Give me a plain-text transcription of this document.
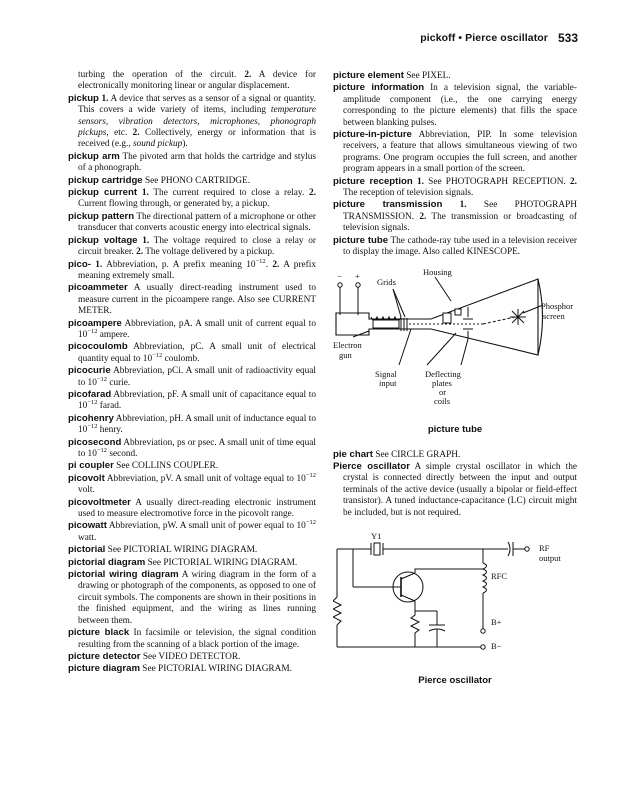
pickoff • Pierce oscillator 533
turbing the operation of the circuit. 2. A device for electronically monitoring linear or angular displacement.
pickup 1. A device that serves as a sensor of a signal or quantity. This covers a wide variety of items, including temperature sensors, vibration detectors, microphones, phonograph pickups, etc. 2. Collectively, energy or information that is received (e.g., sound pickup).
pickup arm The pivoted arm that holds the cartridge and stylus of a phonograph.
pickup cartridge See PHONO CARTRIDGE.
pickup current 1. The current required to close a relay. 2. Current flowing through, or generated by, a pickup.
pickup pattern The directional pattern of a microphone or other transducer that converts acoustic energy into electrical signals.
pickup voltage 1. The voltage required to close a relay or circuit breaker. 2. The voltage delivered by a pickup.
pico- 1. Abbreviation, p. A prefix meaning $10^{-12}$. 2. A prefix meaning extremely small.
picoammeter A usually direct-reading instrument used to measure current in the picoampere range. Also see CURRENT METER.
picoampere Abbreviation, pA. A small unit of current equal to $10^{-12}$ ampere.
picocoulomb Abbreviation, pC. A small unit of electrical quantity equal to $10^{-12}$ coulomb.
picocurie Abbreviation, pCi. A small unit of radioactivity equal to $10^{-12}$ curie.
picofarad Abbreviation, pF. A small unit of capacitance equal to $10^{-12}$ farad.
picohenry Abbreviation, pH. A small unit of inductance equal to $10^{-12}$ henry.
picosecond Abbreviation, ps or psec. A small unit of time equal to $10^{-12}$ second.
pi coupler See COLLINS COUPLER.
picovolt Abbreviation, pV. A small unit of voltage equal to $10^{-12}$ volt.
picovoltmeter A usually direct-reading electronic instrument used to measure electromotive force in the picovolt range.
picowatt Abbreviation, pW. A small unit of power equal to $10^{-12}$ watt.
pictorial See PICTORIAL WIRING DIAGRAM.
pictorial diagram See PICTORIAL WIRING DIAGRAM.
pictorial wiring diagram A wiring diagram in the form of a drawing or photograph of the components, as opposed to one of circuit symbols. The components are shown in their positions in the finished equipment, and the wiring as lines running between them.
picture black In facsimile or television, the signal condition resulting from the scanning of a black portion of the image.
picture detector See VIDEO DETECTOR.
picture diagram See PICTORIAL WIRING DIAGRAM.
picture element See PIXEL.
picture information In a television signal, the variable-amplitude component (i.e., the one carrying energy corresponding to the picture elements) that fills the space between blanking pulses.
picture-in-picture Abbreviation, PIP. In some television receivers, a feature that allows simultaneous viewing of two programs. One program occupies the full screen, and another program appears in a small portion of the screen.
picture reception 1. See PHOTOGRAPH RECEPTION. 2. The reception of television signals.
picture transmission 1. See PHOTOGRAPH TRANSMISSION. 2. The transmission or broadcasting of television signals.
picture tube The cathode-ray tube used in a television receiver to display the image. Also called KINESCOPE.
− +
Grids
Housing
Phosphor
screen
Electron
gun
Signal
input
Deflecting
plates
or
coils
picture tube
pie chart See CIRCLE GRAPH.
Pierce oscillator A simple crystal oscillator in which the crystal is connected directly between the input and output terminals of the active device (usually a bipolar or field-effect transistor). A tuned inductance-capacitance (LC) circuit might be included, but is not required.
Y1
RF
output
RFC
B+
B−
Pierce oscillator
